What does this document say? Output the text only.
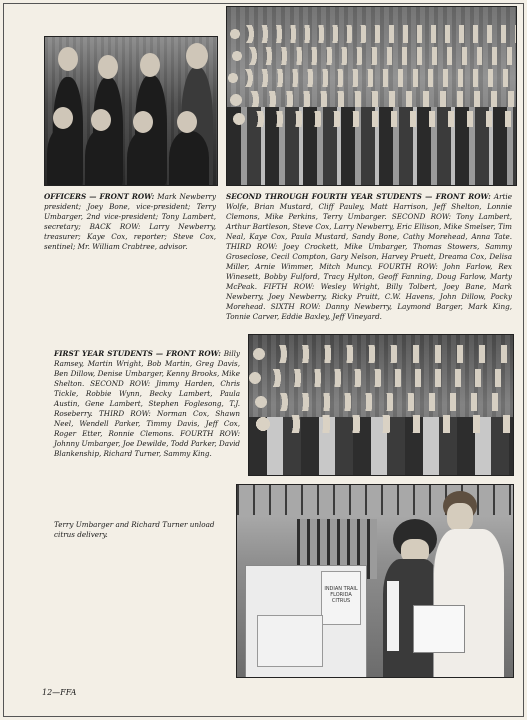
OFFICERS — FRONT ROW: Mark Newberry president; Joey Bone, vice-president; Terry Umbarger, 2nd vice-president; Tony Lambert, secretary; BACK ROW: Larry Newberry, treasurer; Kaye Cox, reporter; Steve Cox, sentinel; Mr. William Crabtree, advisor.
SECOND THROUGH FOURTH YEAR STUDENTS — FRONT ROW: Artie Wolfe, Brian Mustard, Cliff Pauley, Matt Harrison, Jeff Shelton, Lonnie Clemons, Mike Perkins, Terry Umbarger. SECOND ROW: Tony Lambert, Arthur Bartleson, Steve Cox, Larry Newberry, Eric Ellison, Mike Smelser, Tim Neal, Kaye Cox, Paula Mustard, Sandy Bone, Cathy Morehead, Anna Tate. THIRD ROW: Joey Crockett, Mike Umbarger, Thomas Stowers, Sammy Groseclose, Cecil Compton, Gary Nelson, Harvey Pruett, Dreama Cox, Delisa Miller, Arnie Wimmer, Mitch Muncy. FOURTH ROW: John Farlow, Rex Winesett, Bobby Fulford, Tracy Hylton, Geoff Fanning, Doug Farlow, Marty McPeak. FIFTH ROW: Wesley Wright, Billy Tolbert, Joey Bane, Mark Newberry, Joey Newberry, Ricky Pruitt, C.W. Havens, John Dillow, Pocky Morehead. SIXTH ROW: Danny Newberry, Laymond Barger, Mark King, Tonnie Carver, Eddie Baxley, Jeff Vineyard.
FIRST YEAR STUDENTS — FRONT ROW: Billy Ramsey, Martin Wright, Bob Martin, Greg Davis, Ben Dillow, Denise Umbarger, Kenny Brooks, Mike Shelton. SECOND ROW: Jimmy Harden, Chris Tickle, Robbie Wynn, Becky Lambert, Paula Austin, Gene Lambert, Stephen Foglesong, T.J. Roseberry. THIRD ROW: Norman Cox, Shawn Neel, Wendell Parker, Timmy Davis, Jeff Cox, Roger Etter, Ronnie Clemons. FOURTH ROW: Johnny Umbarger, Joe Dewilde, Todd Parker, David Blankenship, Richard Turner, Sammy King.
Terry Umbarger and Richard Turner unload citrus delivery.
INDIAN TRAIL
FLORIDA CITRUS
12—FFA
